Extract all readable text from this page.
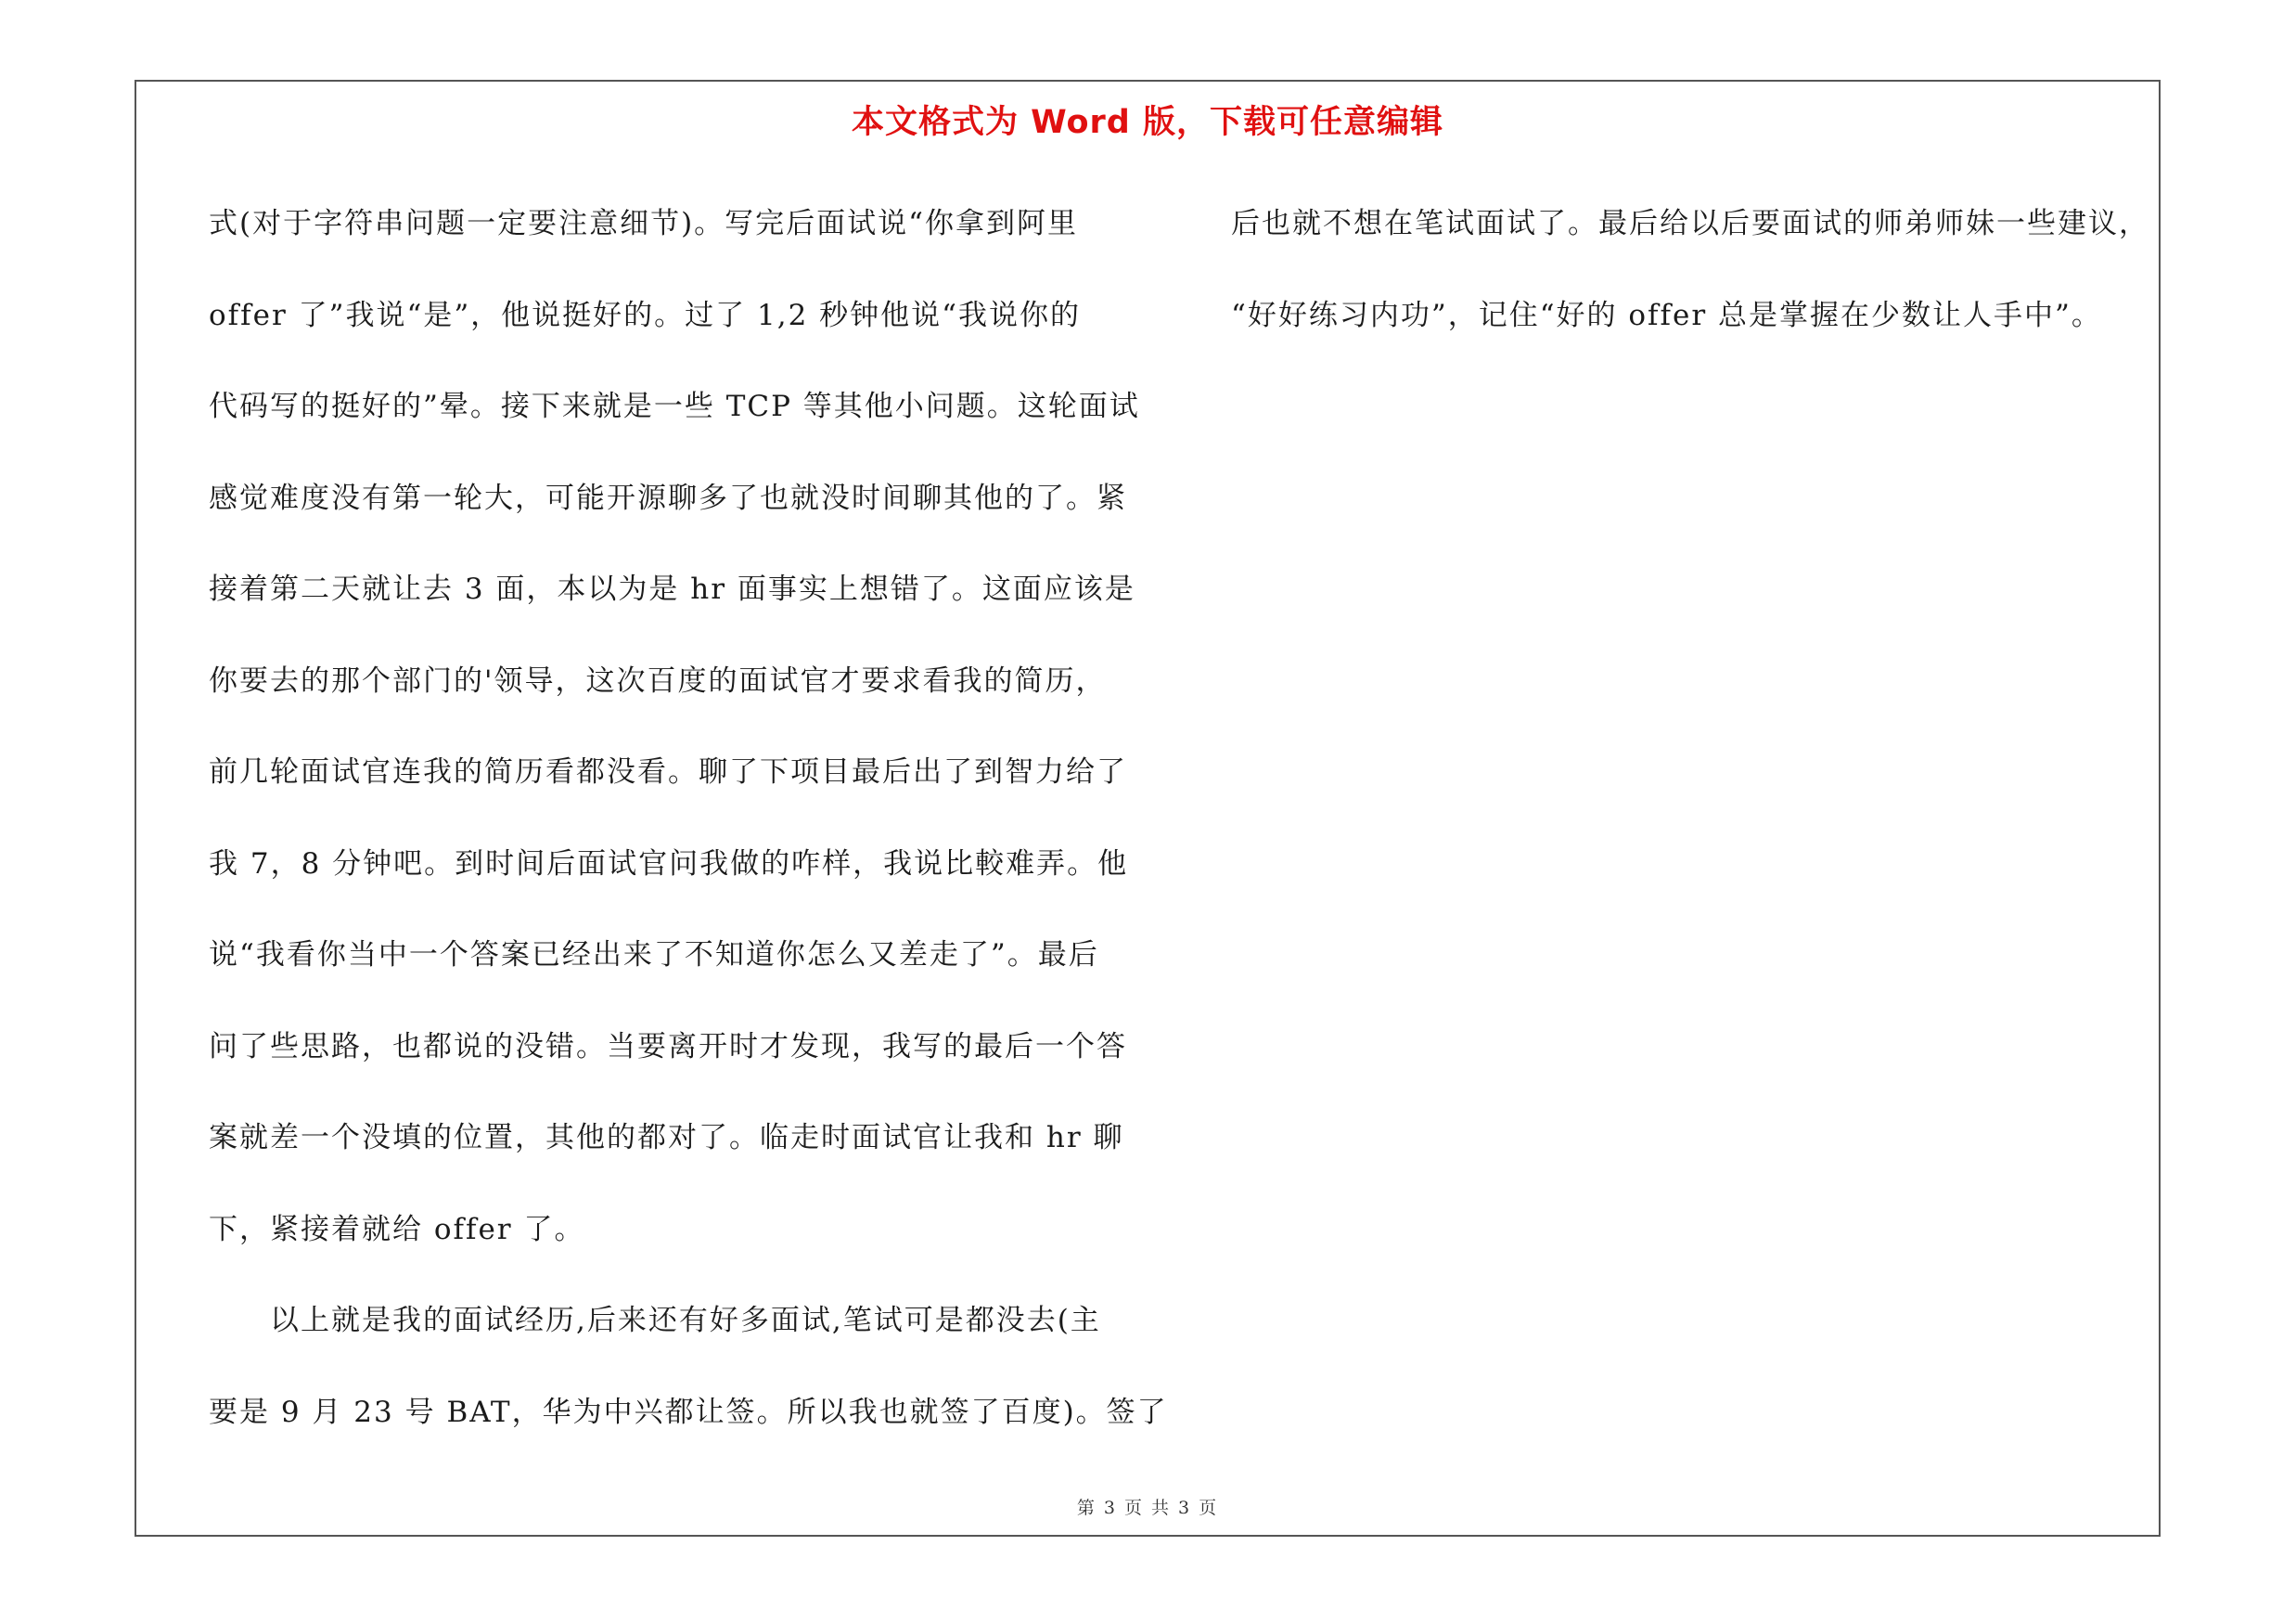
本文格式为 Word 版，下载可任意编辑
式(对于字符串问题一定要注意细节)。写完后面试说“你拿到阿里
offer 了”我说“是”，他说挺好的。过了 1,2 秒钟他说“我说你的
代码写的挺好的”晕。接下来就是一些 TCP 等其他小问题。这轮面试
感觉难度没有第一轮大，可能开源聊多了也就没时间聊其他的了。紧
接着第二天就让去 3 面，本以为是 hr 面事实上想错了。这面应该是
你要去的那个部门的'领导，这次百度的面试官才要求看我的简历，
前几轮面试官连我的简历看都没看。聊了下项目最后出了到智力给了
我 7，8 分钟吧。到时间后面试官问我做的咋样，我说比較难弄。他
说“我看你当中一个答案已经出来了不知道你怎么又差走了”。最后
问了些思路，也都说的没错。当要离开时才发现，我写的最后一个答
案就差一个没填的位置，其他的都对了。临走时面试官让我和 hr 聊
下，紧接着就给 offer 了。
以上就是我的面试经历,后来还有好多面试,笔试可是都没去(主
要是 9 月 23 号 BAT，华为中兴都让签。所以我也就签了百度)。签了
后也就不想在笔试面试了。最后给以后要面试的师弟师妹一些建议，
“好好练习内功”，记住“好的 offer 总是掌握在少数让人手中”。
第 3 页 共 3 页
